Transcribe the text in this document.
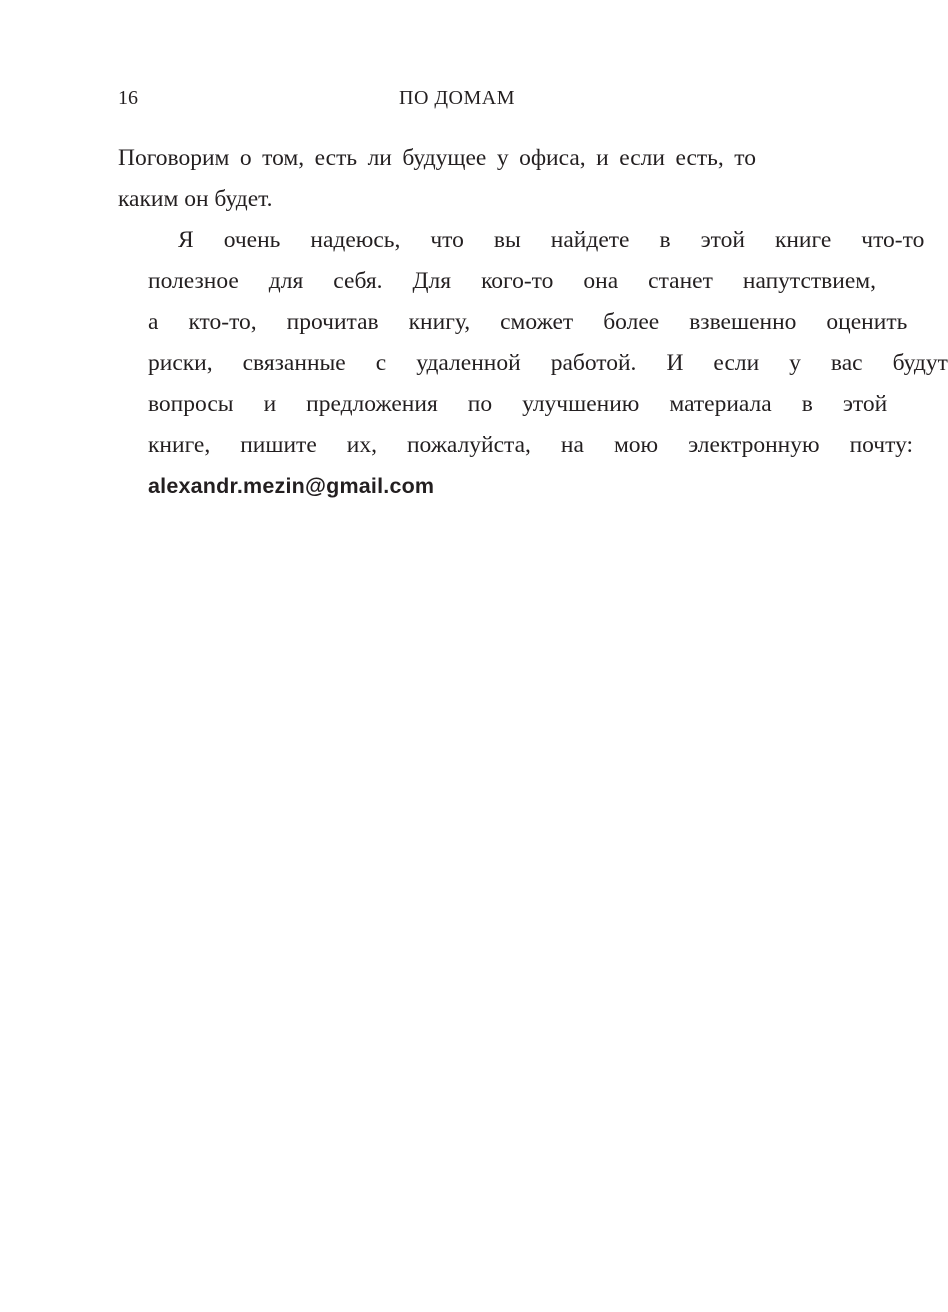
16	ПО ДОМАМ

Поговорим о том, есть ли будущее у офиса, и если есть, то
каким он будет.

Я	очень	надеюсь,	что	вы	найдете	в	этой	книге	что-то
полезное	для	себя.	Для	кого-то	она	станет	напутствием,
а	кто-то,	прочитав	книгу,	сможет	более	взвешенно	оценить
риски,	связанные	с	удаленной	работой.	И	если	у	вас	будут
вопросы	и	предложения	по	улучшению	материала	в	этой
книге,	пишите	их,	пожалуйста,	на	мою	электронную	почту:
alexandr.mezin@gmail.com
